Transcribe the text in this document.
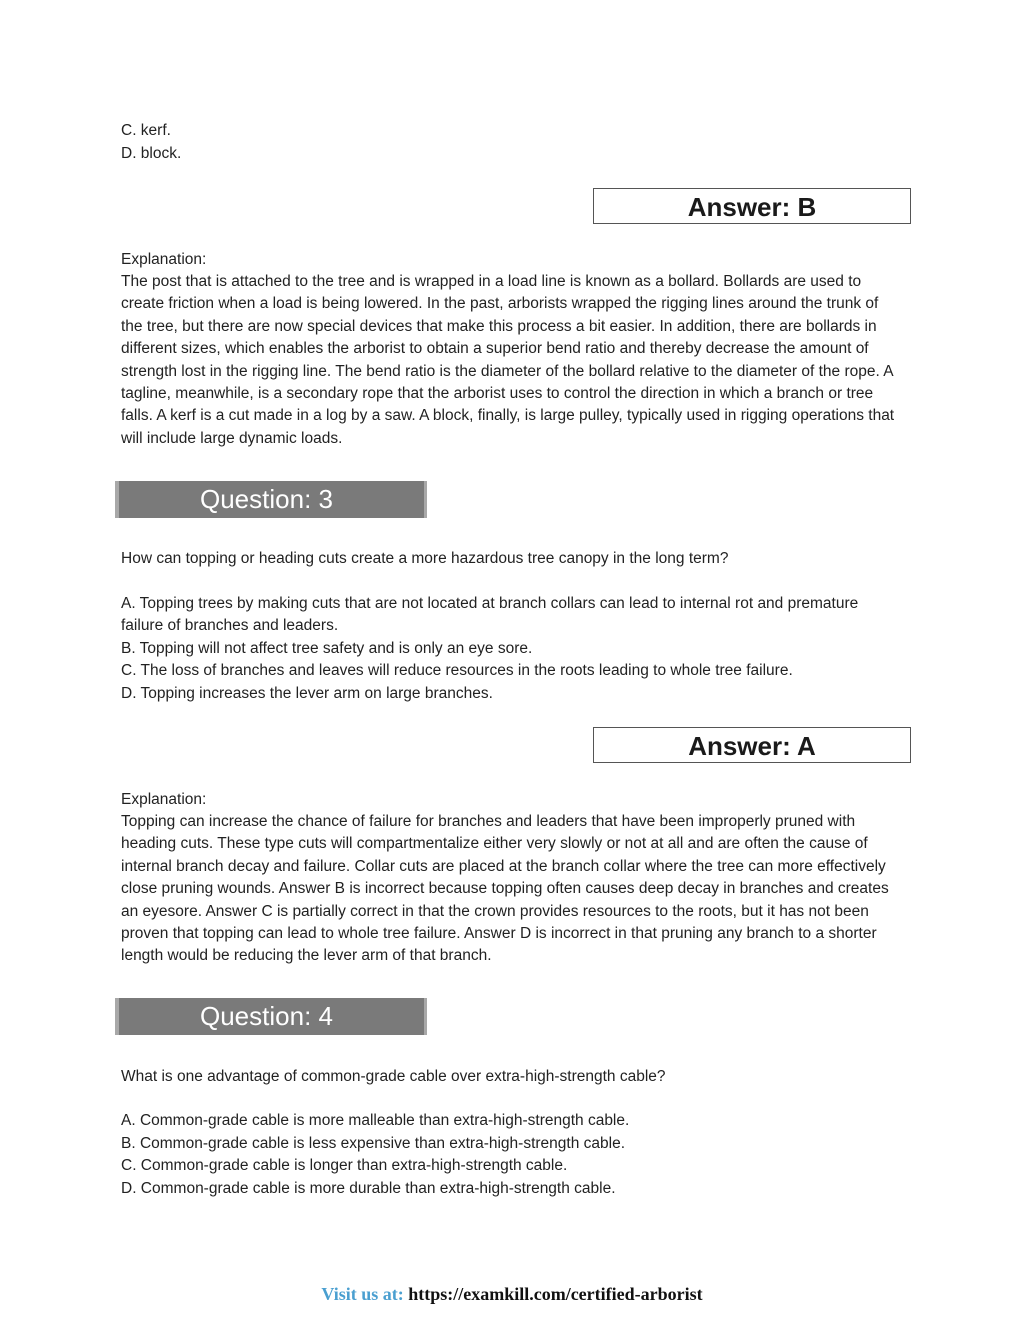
C. kerf.

D. block.

Answer: B

Explanation:

The post that is attached to the tree and is wrapped in a load line is known as a bollard. Bollards are used to create friction when a load is being lowered. In the past, arborists wrapped the rigging lines around the trunk of the tree, but there are now special devices that make this process a bit easier. In addition, there are bollards in different sizes, which enables the arborist to obtain a superior bend ratio and thereby decrease the amount of strength lost in the rigging line. The bend ratio is the diameter of the bollard relative to the diameter of the rope. A tagline, meanwhile, is a secondary rope that the arborist uses to control the direction in which a branch or tree falls. A kerf is a cut made in a log by a saw. A block, finally, is large pulley, typically used in rigging operations that will include large dynamic loads.

Question: 3

How can topping or heading cuts create a more hazardous tree canopy in the long term?

A. Topping trees by making cuts that are not located at branch collars can lead to internal rot and premature failure of branches and leaders.

B. Topping will not affect tree safety and is only an eye sore.

C. The loss of branches and leaves will reduce resources in the roots leading to whole tree failure.

D. Topping increases the lever arm on large branches.

Answer: A

Explanation:

Topping can increase the chance of failure for branches and leaders that have been improperly pruned with heading cuts. These type cuts will compartmentalize either very slowly or not at all and are often the cause of internal branch decay and failure. Collar cuts are placed at the branch collar where the tree can more effectively close pruning wounds. Answer B is incorrect because topping often causes deep decay in branches and creates an eyesore. Answer C is partially correct in that the crown provides resources to the roots, but it has not been proven that topping can lead to whole tree failure. Answer D is incorrect in that pruning any branch to a shorter length would be reducing the lever arm of that branch.

Question: 4

What is one advantage of common-grade cable over extra-high-strength cable?

A. Common-grade cable is more malleable than extra-high-strength cable.

B. Common-grade cable is less expensive than extra-high-strength cable.

C. Common-grade cable is longer than extra-high-strength cable.

D. Common-grade cable is more durable than extra-high-strength cable.

Visit us at: https://examkill.com/certified-arborist
